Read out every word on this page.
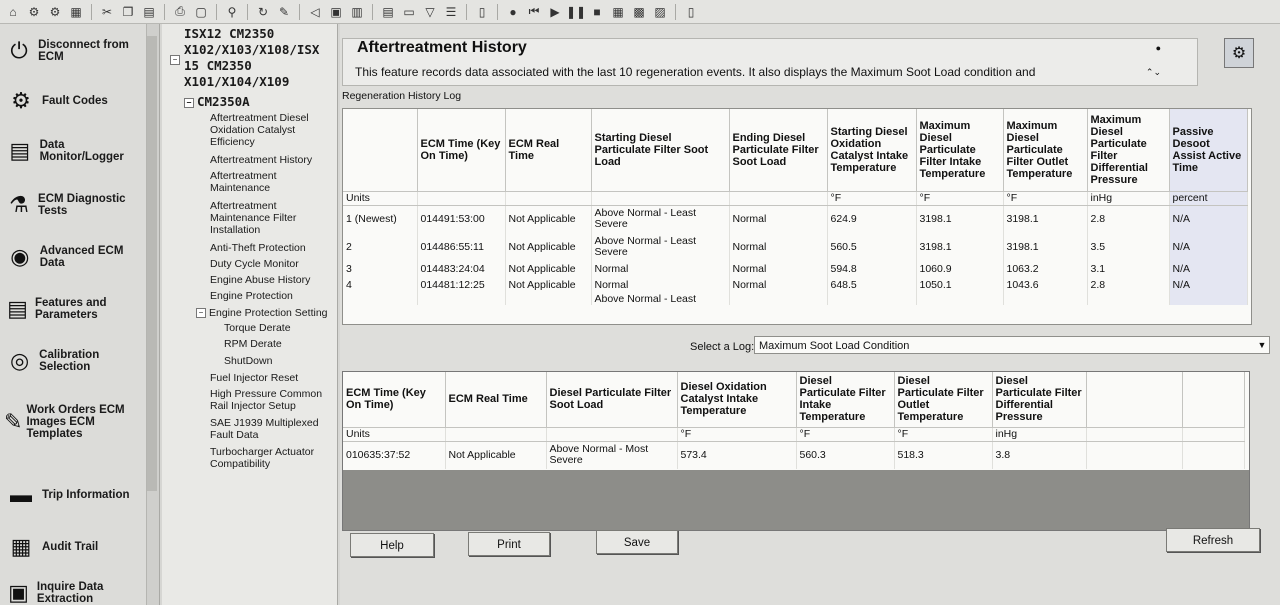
⌂ ⚙ ⚙ ▦	✂ ❐ ▤	⎙ ▢	⚲	↻ ✎	◁ ▣ ▥ ▤ ▭ ▽ ☰	▯	● ⏮ ▶ ❚❚ ■ ▦ ▩ ▨	▯
⏻ Disconnect from ECM
⚙ Fault Codes
▤ Data Monitor/Logger
⚗ ECM Diagnostic Tests
◉ Advanced ECM Data
▤ Features and Parameters
◎ Calibration Selection
✎ Work Orders ECM Images ECM Templates
▬ Trip Information
▦ Audit Trail
▣ Inquire Data Extraction
ISX12 CM2350 X102/X103/X108/ISX 15 CM2350 X101/X104/X109
−
− CM2350A
Aftertreatment Diesel Oxidation Catalyst Efficiency
Aftertreatment History
Aftertreatment Maintenance
Aftertreatment Maintenance Filter Installation
Anti-Theft Protection
Duty Cycle Monitor
Engine Abuse History
Engine Protection
− Engine Protection Setting
Torque Derate
RPM Derate
ShutDown
Fuel Injector Reset
High Pressure Common Rail Injector Setup
SAE J1939 Multiplexed Fault Data
Turbocharger Actuator Compatibility
Aftertreatment History
This feature records data associated with the last 10 regeneration events. It also displays the Maximum Soot Load condition and
●
⌃⌄
⚙
Regeneration History Log
	ECM Time (Key On Time)	ECM Real Time	Starting Diesel Particulate Filter Soot Load	Ending Diesel Particulate Filter Soot Load	Starting Diesel Oxidation Catalyst Intake Temperature	Maximum Diesel Particulate Filter Intake Temperature	Maximum Diesel Particulate Filter Outlet Temperature	Maximum Diesel Particulate Filter Differential Pressure	Passive Desoot Assist Active Time
Units					°F	°F	°F	inHg	percent
1 (Newest)	014491:53:00	Not Applicable	Above Normal - Least Severe	Normal	624.9	3198.1	3198.1	2.8	N/A
2	014486:55:11	Not Applicable	Above Normal - Least Severe	Normal	560.5	3198.1	3198.1	3.5	N/A
3	014483:24:04	Not Applicable	Normal	Normal	594.8	1060.9	1063.2	3.1	N/A
4	014481:12:25	Not Applicable	Normal	Normal	648.5	1050.1	1043.6	2.8	N/A
			Above Normal - Least						
Select a Log: Maximum Soot Load Condition	▼
ECM Time (Key On Time)	ECM Real Time	Diesel Particulate Filter Soot Load	Diesel Oxidation Catalyst Intake Temperature	Diesel Particulate Filter Intake Temperature	Diesel Particulate Filter Outlet Temperature	Diesel Particulate Filter Differential Pressure		
Units			°F	°F	°F	inHg		
010635:37:52	Not Applicable	Above Normal - Most Severe	573.4	560.3	518.3	3.8		
Help	Print	Save	Refresh
